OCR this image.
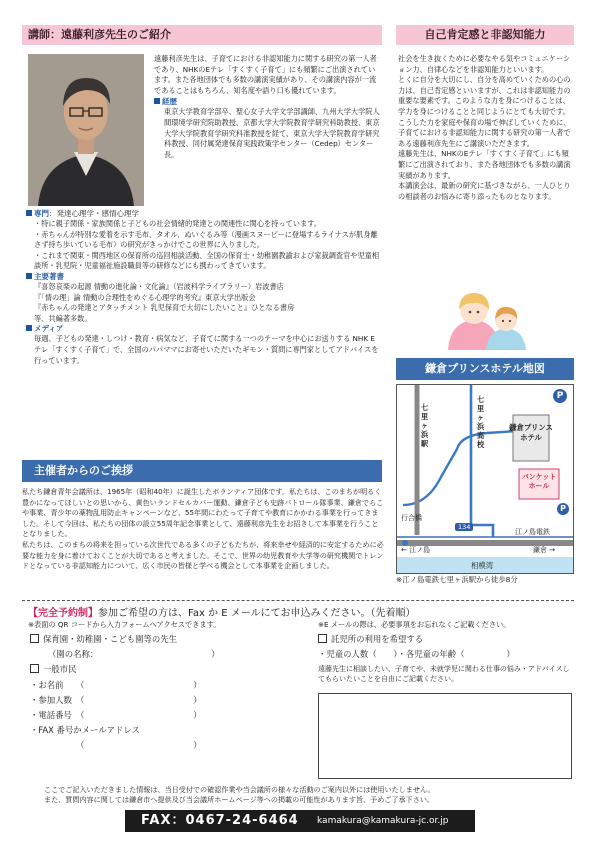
講師：遠藤利彦先生のご紹介

遠藤利彦先生は、子育てにおける非認知能力に関する研究の第一人者であり、NHKのEテレ「すくすく子育て」にも頻繁にご出演されています。また各地団体でも多数の講演実績があり、その講演内容が一流であることはもちろん、知名度や語り口も優れています。

経歴

東京大学教育学部卒、聖心女子大学文学部講師、九州大学大学院人間環境学研究院助教授、京都大学大学院教育学研究科助教授、東京大学大学院教育学研究科准教授を経て、東京大学大学院教育学研究科教授、同付属発達保育実践政策学センター（Cedep）センター長。

専門：発達心理学・感情心理学

・特に親子関係・家族関係と子どもの社会情緒的発達との関連性に関心を持っています。

・赤ちゃんが特別な愛着を示す毛布、タオル、ぬいぐるみ等（漫画スヌーピーに登場するライナスが肌身離さず持ち歩いている毛布）の研究がきっかけでこの世界に入りました。

・これまで関東・関西地区の保育所の巡回相談活動、全国の保育士・幼稚園教諭および家裁調査官や児童相談所・乳児院・児童福祉施設職員等の研修などにも携わってきています。

主要著書

『喜怒哀楽の起源 情動の進化論・文化論』（岩波科学ライブラリー）岩波書店

『「情の理」論 情動の合理性をめぐる心理学的考究』東京大学出版会

『赤ちゃんの発達とアタッチメント 乳児保育で大切にしたいこと』ひとなる書房

等、共編著多数。

メディア

毎週、子どもの発達・しつけ・教育・病気など、子育てに関する一つのテーマを中心にお送りする NHK E テレ「すくすく子育て」で、全国のパパママにお寄せいただいたギモン・質問に専門家としてアドバイスを行っています。

自己肯定感と非認知能力

社会を生き抜くために必要なやる気やコミュニケーション力、自律心などを非認知能力といいます。

とくに自分を大切にし、自分を高めていくための心の力は、自己肯定感といいますが、これは非認知能力の重要な要素です。このような力を身につけることは、学力を身につけることと同じようにとても大切です。

こうした力を家庭や保育の場で伸ばしていくために、子育てにおける非認知能力に関する研究の第一人者である遠藤利彦先生にご講演いただきます。

遠藤先生は、NHKのEテレ「すくすく子育て」にも頻繁にご出演されており、また各地団体でも多数の講演実績があります。

本講演会は、最新の研究に基づきながら、一人ひとりの相談者のお悩みに寄り添ったものとなります。

主催者からのご挨拶

私たち鎌倉青年会議所は、1965年（昭和40年）に誕生したボランティア団体です。私たちは、このまちが明るく豊かになってほしいとの思いから、黄色いランドセルカバー運動、鎌倉子ども史跡パトロール隊事業、鎌倉でらこや事業、青少年の薬物乱用防止キャンペーンなど、55年間にわたって子育てや教育にかかわる事業を行ってきました。そして今回は、私たちの団体の設立55周年記念事業として、遠藤利彦先生をお招きして本事業を行うこととなりました。

私たちは、このまちの将来を担っている次世代である多くの子どもたちが、将来幸せや経済的に安定するために必要な能力を身に着けておくことが大切であると考えました。そこで、世界の幼児教育や大学等の研究機関でトレンドとなっている非認知能力について、広く市民の皆様と学べる機会として本事業を企画しました。

鎌倉プリンスホテル地図
七里ヶ浜駅
七里ヶ浜高校
鎌倉プリンスホテル
バンケットホール
P
P
行合橋
134
江ノ島電鉄
← 江ノ島	鎌倉 →
相模湾
※江ノ島電鉄七里ヶ浜駅から徒歩8分
【完全予約制】参加ご希望の方は、Fax か E メールにてお申込みください。（先着順）
※表面の QR コードから入力フォームへアクセスできます。	※E メールの際は、必要事項をお忘れなくご記載ください。

保育園・幼稚園・こども園等の先生

（園の名称：　　　　　　　　　　　　　　）

一般市民

・お名前　　（　　　　　　　　　　　　　）

・参加人数　（　　　　　　　　　　　　　）

・電話番号　（　　　　　　　　　　　　　）

・FAX 番号かメールアドレス

　　　　　　（　　　　　　　　　　　　　）

託児所の利用を希望する

・児童の人数（　　）・各児童の年齢（　　　　　）

遠藤先生に相談したい、子育てや、未就学児に関わる仕事の悩み・アドバイスしてもらいたいことを自由にご記載ください。

ここでご記入いただきました情報は、当日受付での確認作業や当会議所の様々な活動のご案内以外には使用いたしません。

また、質問内容に関しては鎌倉市へ提供及び当会議所ホームページ等への掲載の可能性があります旨、予めご了承下さい。

FAX：0467-24-6464 kamakura@kamakura-jc.or.jp
